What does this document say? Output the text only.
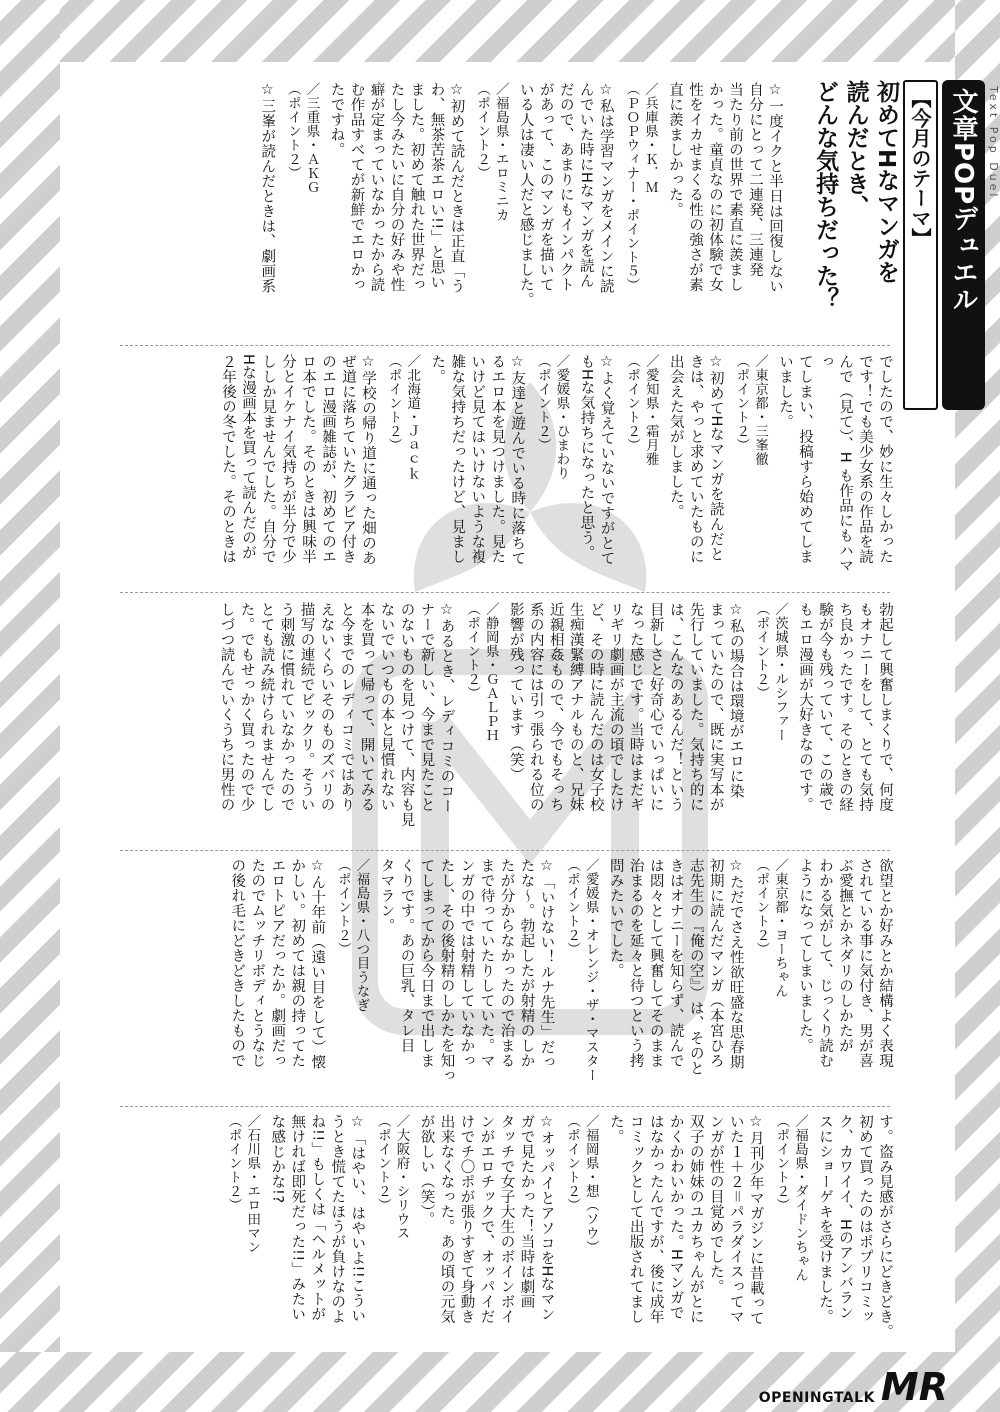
Text Pop Duel
文章POPデュエル
【今月のテーマ】
初めてHなマンガを
読んだとき、
どんな気持ちだった？
☆一度イクと半日は回復しない
自分にとって二連発、三連発
当たり前の世界で素直に羨まし
かった。童貞なのに初体験で女
性をイカせまくる性の強さが素
直に羨ましかった。
／兵庫県・Ｋ．Ｍ
（ＰＯＰウィナー・ポイント５）
☆私は学習マンガをメインに読
んでいた時にHなマンガを読ん
だので、あまりにもインパクト
があって、このマンガを描いて
いる人は凄い人だと感じました。
／福島県・エロミニカ
（ポイント２）
☆初めて読んだときは正直「う
わ、無茶苦茶エロい!!」と思い
ました。初めて触れた世界だっ
たし今みたいに自分の好みや性
癖が定まっていなかったから読
む作品すべてが新鮮でエロかっ
たですね。
／三重県・ＡＫＧ
（ポイント２）
☆三峯が読んだときは、劇画系
でしたので、妙に生々しかった
です！でも美少女系の作品を読
んで（見て）、H も作品にもハマっ
てしまい、投稿すら始めてしま
いました。
／東京都・三峯徹
（ポイント２）
☆初めてHなマンガを読んだと
きは、やっと求めていたものに
出会えた気がしました。
／愛知県・霜月雅
（ポイント２）
☆よく覚えていないですがとて
もHな気持ちになったと思う。
／愛媛県・ひまわり
（ポイント２）
☆友達と遊んでいる時に落ちて
るエロ本を見つけました。見た
いけど見てはいけないような複
雑な気持ちだったけど、見まし
た。
／北海道・Ｊａｃｋ
（ポイント２）
☆学校の帰り道に通った畑のあ
ぜ道に落ちていたグラビア付き
のエロ漫画雑誌が、初めてのエ
ロ本でした。そのときは興味半
分とイケナイ気持ちが半分で少
ししか見ませんでした。自分で
Hな漫画本を買って読んだのが
２年後の冬でした。そのときは
勃起して興奮しまくりで、何度
もオナニーをして、とても気持
ち良かったです。そのときの経
験が今も残っていて、この歳で
もエロ漫画が大好きなのです。
／茨城県・ルシファー
（ポイント２）
☆私の場合は環境がエロに染
まっていたので、既に実写本が
先行していました。気持ち的に
は、こんなのあるんだ！という
目新しさと好奇心でいっぱいに
なった感じです。当時はまだギ
リギリ劇画が主流の頃でしたけ
ど、その時に読んだのは女子校
生痴漢緊縛アナルものと、兄妹
近親相姦もので、今でもそっち
系の内容には引っ張られる位の
影響が残っています（笑）
／静岡県・ＧＡＬＰＨ
（ポイント２）
☆あるとき、レディコミのコー
ナーで新しい、今まで見たこと
のないものを見つけて、内容も見
ないでいつもの本と見慣れない
本を買って帰って、開いてみる
と今までのレディコミではあり
えないくらいそのものズバリの
描写の連続でビックリ。そうい
う刺激に慣れていなかったので
とても読み続けられませんでし
た。でもせっかく買ったので少
しづつ読んでいくうちに男性の
欲望とか好みとか結構よく表現
されている事に気付き、男が喜
ぶ愛撫とかネダリのしかたが
わかる気がして、じっくり読む
ようになってしまいました。
／東京都・ヨーちゃん
（ポイント２）
☆ただでさえ性欲旺盛な思春期
初期に読んだマンガ（本宮ひろ
志先生の『俺の空』）は、そのと
きはオナニーを知らず、読んで
は悶々として興奮してそのまま
治まるのを延々と待つという拷
問みたいでした。
／愛媛県・オレンジ・ザ・マスター
（ポイント２）
☆「いけない！ルナ先生」だっ
たな〜。勃起したが射精のしか
たが分からなかったので治まる
まで待っていたりしていた。マ
ンガの中では射精していなかっ
たし、その後射精のしかたを知っ
てしまってから今日まで出しま
くりです。あの巨乳、タレ目
タマラン。
／福島県・八つ目うなぎ
（ポイント２）
☆ん十年前（遠い目をして）懐
かしい。初めては親の持ってた
エロトピアだったか。劇画だっ
たのでムッチリボディとうなじ
の後れ毛にどきどきしたもので
す。盗み見感がさらにどきどき。
初めて買ったのはポプリコミッ
ク、カワイイ、Hのアンバラン
スにショーゲキを受けました。
／福島県・ダイドンちゃん
（ポイント２）
☆月刊少年マガジンに昔載って
いた１＋２＝パラダイスってマ
ンガが性の目覚めでした。
双子の姉妹のユカちゃんがとに
かくかわいかった。Hマンガで
はなかったんですが、後に成年
コミックとして出版されてまし
た。
／福岡県・想（ソウ）
（ポイント２）
☆オッパイとアソコをHなマン
ガで見たかった！当時は劇画
タッチで女子大生のボインボイ
ンがエロチックで、オッパイだ
けでチ〇ポが張りすぎて身動き
出来なくなった。あの頃の元気
が欲しい（笑）。
／大阪府・シリウス
（ポイント２）
☆「はやい、はやいよ!!こうい
うとき慌てたほうが負けなのよ
ね!!」もしくは「ヘルメットが
無ければ即死だった!!」みたい
な感じかな!?
／石川県・エロ田マン
（ポイント２）
OPENINGTALK MR
